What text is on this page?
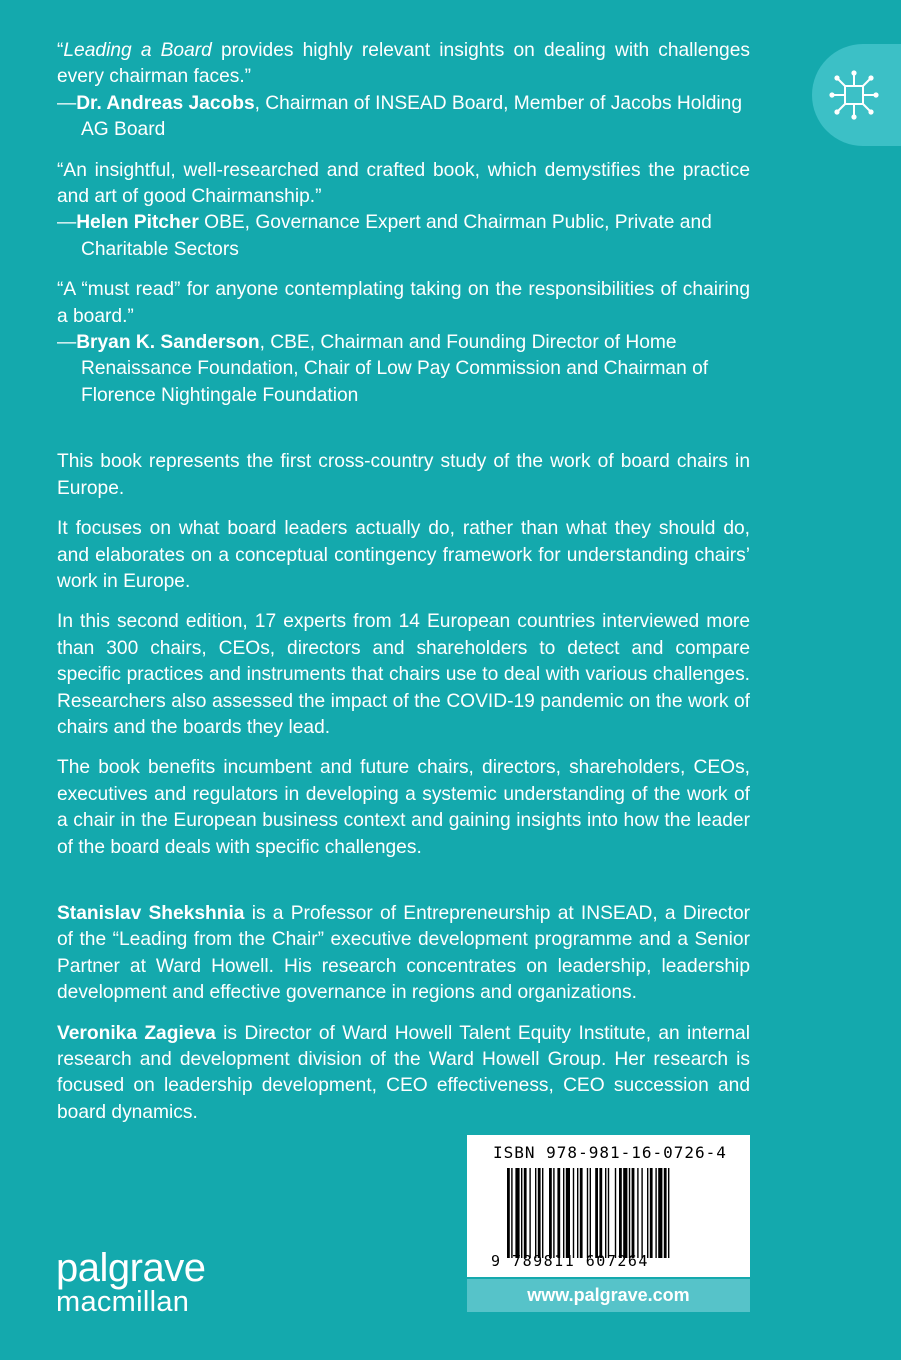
“Leading a Board provides highly relevant insights on dealing with challenges every chairman faces.”
—Dr. Andreas Jacobs, Chairman of INSEAD Board, Member of Jacobs Holding AG Board
“An insightful, well-researched and crafted book, which demystifies the practice and art of good Chairmanship.”
—Helen Pitcher OBE, Governance Expert and Chairman Public, Private and Charitable Sectors
“A “must read” for anyone contemplating taking on the responsibilities of chairing a board.”
—Bryan K. Sanderson, CBE, Chairman and Founding Director of Home Renaissance Foundation, Chair of Low Pay Commission and Chairman of Florence Nightingale Foundation

This book represents the first cross-country study of the work of board chairs in Europe.

It focuses on what board leaders actually do, rather than what they should do, and elaborates on a conceptual contingency framework for understanding chairs’ work in Europe.

In this second edition, 17 experts from 14 European countries interviewed more than 300 chairs, CEOs, directors and shareholders to detect and compare specific practices and instruments that chairs use to deal with various challenges. Researchers also assessed the impact of the COVID-19 pandemic on the work of chairs and the boards they lead.

The book benefits incumbent and future chairs, directors, shareholders, CEOs, executives and regulators in developing a systemic understanding of the work of a chair in the European business context and gaining insights into how the leader of the board deals with specific challenges.

Stanislav Shekshnia is a Professor of Entrepreneurship at INSEAD, a Director of the “Leading from the Chair” executive development programme and a Senior Partner at Ward Howell. His research concentrates on leadership, leadership development and effective governance in regions and organizations.

Veronika Zagieva is Director of Ward Howell Talent Equity Institute, an internal research and development division of the Ward Howell Group. Her research is focused on leadership development, CEO effectiveness, CEO succession and board dynamics.

palgrave
macmillan
ISBN 978-981-16-0726-4
9 789811 607264
www.palgrave.com
